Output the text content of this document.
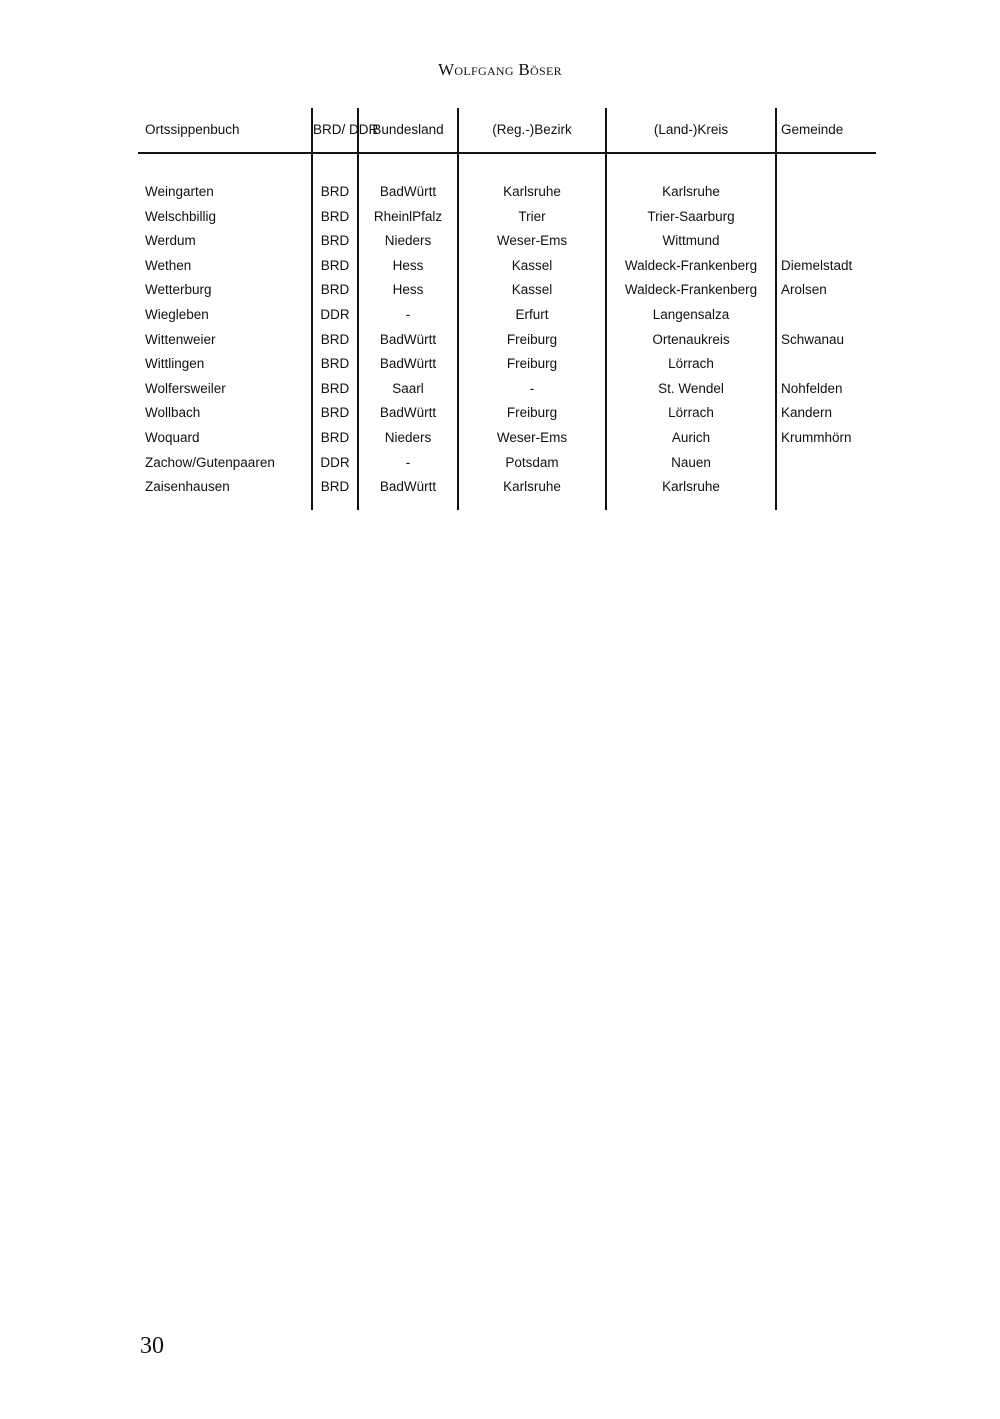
Wolfgang Böser
Ortssippenbuch	BRD/ DDR	Bundesland	(Reg.-)Bezirk	(Land-)Kreis	Gemeinde

Weingarten	BRD	BadWürtt	Karlsruhe	Karlsruhe	
Welschbillig	BRD	RheinlPfalz	Trier	Trier-Saarburg	
Werdum	BRD	Nieders	Weser-Ems	Wittmund	
Wethen	BRD	Hess	Kassel	Waldeck-Frankenberg	Diemelstadt
Wetterburg	BRD	Hess	Kassel	Waldeck-Frankenberg	Arolsen
Wiegleben	DDR	-	Erfurt	Langensalza	
Wittenweier	BRD	BadWürtt	Freiburg	Ortenaukreis	Schwanau
Wittlingen	BRD	BadWürtt	Freiburg	Lörrach	
Wolfersweiler	BRD	Saarl	-	St. Wendel	Nohfelden
Wollbach	BRD	BadWürtt	Freiburg	Lörrach	Kandern
Woquard	BRD	Nieders	Weser-Ems	Aurich	Krummhörn
Zachow/Gutenpaaren	DDR	-	Potsdam	Nauen	
Zaisenhausen	BRD	BadWürtt	Karlsruhe	Karlsruhe	

30
